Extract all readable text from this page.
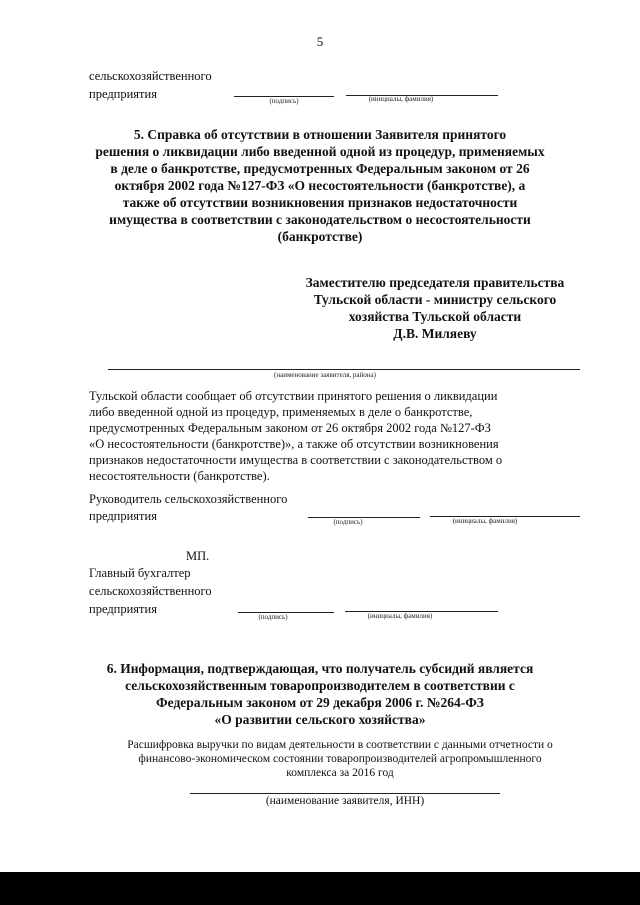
5
сельскохозяйственного
предприятия	(подпись)	(инициалы, фамилия)
5. Справка об отсутствии в отношении Заявителя принятого
решения о ликвидации либо введенной одной из процедур, применяемых
в деле о банкротстве, предусмотренных Федеральным законом от 26
октября 2002 года №127-ФЗ «О несостоятельности (банкротстве), а
также об отсутствии возникновения признаков недостаточности
имущества в соответствии с законодательством о несостоятельности
(банкротстве)
Заместителю председателя правительства
Тульской области - министру сельского
хозяйства Тульской области
Д.В. Миляеву
(наименование заявителя, района)
Тульской области сообщает об отсутствии принятого решения о ликвидации
либо введенной одной из процедур, применяемых в деле о банкротстве,
предусмотренных Федеральным законом от 26 октября 2002 года №127-ФЗ
«О несостоятельности (банкротстве)», а также об отсутствии возникновения
признаков недостаточности имущества в соответствии с законодательством о
несостоятельности (банкротстве).
Руководитель сельскохозяйственного
предприятия	(подпись)	(инициалы, фамилия)
МП.
Главный бухгалтер
сельскохозяйственного
предприятия
(подпись)	(инициалы, фамилия)
6. Информация, подтверждающая, что получатель субсидий является
сельскохозяйственным товаропроизводителем в соответствии с
Федеральным законом от 29 декабря 2006 г. №264-ФЗ
«О развитии сельского хозяйства»
Расшифровка выручки по видам деятельности в соответствии с данными отчетности о
финансово-экономическом состоянии товаропроизводителей агропромышленного
комплекса за 2016 год
(наименование заявителя, ИНН)
